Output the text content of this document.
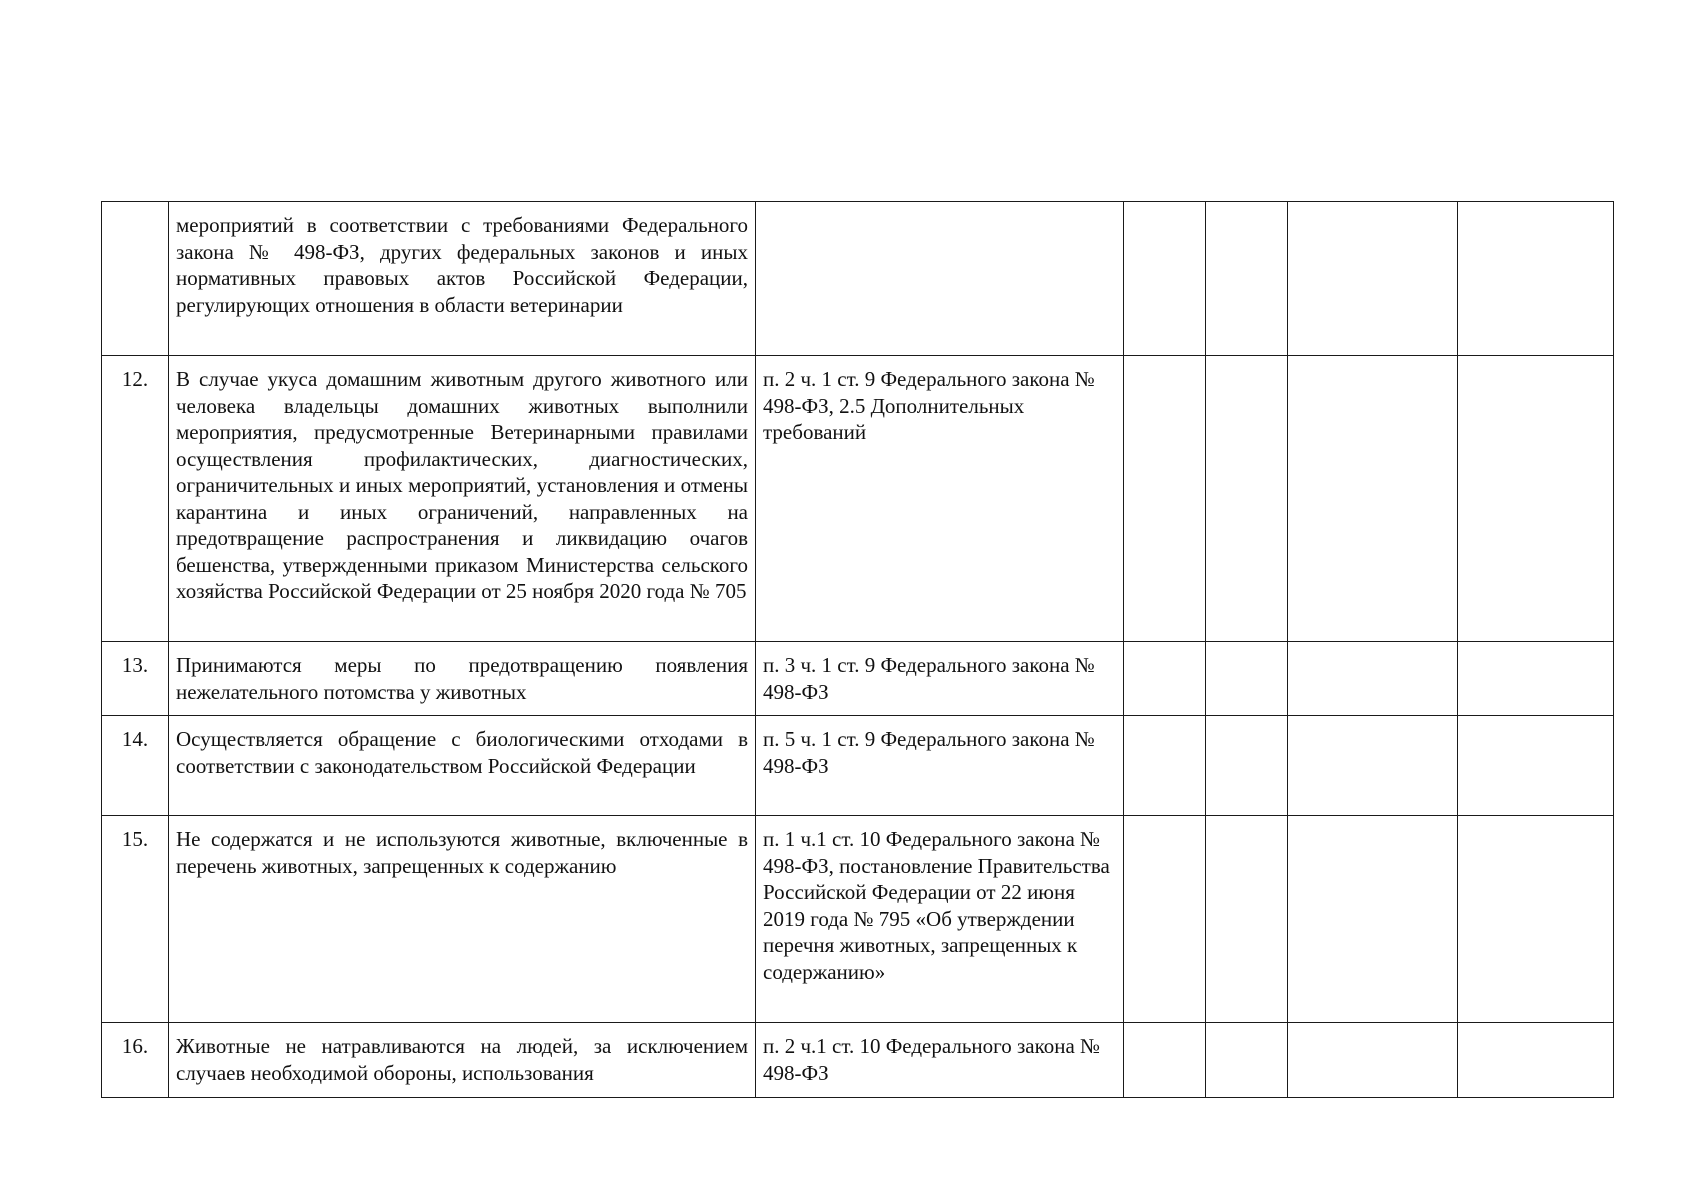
	мероприятий в соответствии с требованиями Федерального закона № 498-ФЗ, других федеральных законов и иных нормативных правовых актов Российской Федерации, регулирующих отношения в области ветеринарии					
12.	В случае укуса домашним животным другого животного или человека владельцы домашних животных выполнили мероприятия, предусмотренные Ветеринарными правилами осуществления профилактических, диагностических, ограничительных и иных мероприятий, установления и отмены карантина и иных ограничений, направленных на предотвращение распространения и ликвидацию очагов бешенства, утвержденными приказом Министерства сельского хозяйства Российской Федерации от 25 ноября 2020 года № 705	п. 2 ч. 1 ст. 9 Федерального закона № 498-ФЗ, 2.5 Дополнительных требований				
13.	Принимаются меры по предотвращению появления нежелательного потомства у животных	п. 3 ч. 1 ст. 9 Федерального закона № 498-ФЗ				
14.	Осуществляется обращение с биологическими отходами в соответствии с законодательством Российской Федерации	п. 5 ч. 1 ст. 9 Федерального закона № 498-ФЗ				
15.	Не содержатся и не используются животные, включенные в перечень животных, запрещенных к содержанию	п. 1 ч.1 ст. 10 Федерального закона № 498-ФЗ, постановление Правительства Российской Федерации от 22 июня 2019 года № 795 «Об утверждении перечня животных, запрещенных к содержанию»				
16.	Животные не натравливаются на людей, за исключением случаев необходимой обороны, использования	п. 2 ч.1 ст. 10 Федерального закона № 498-ФЗ				
